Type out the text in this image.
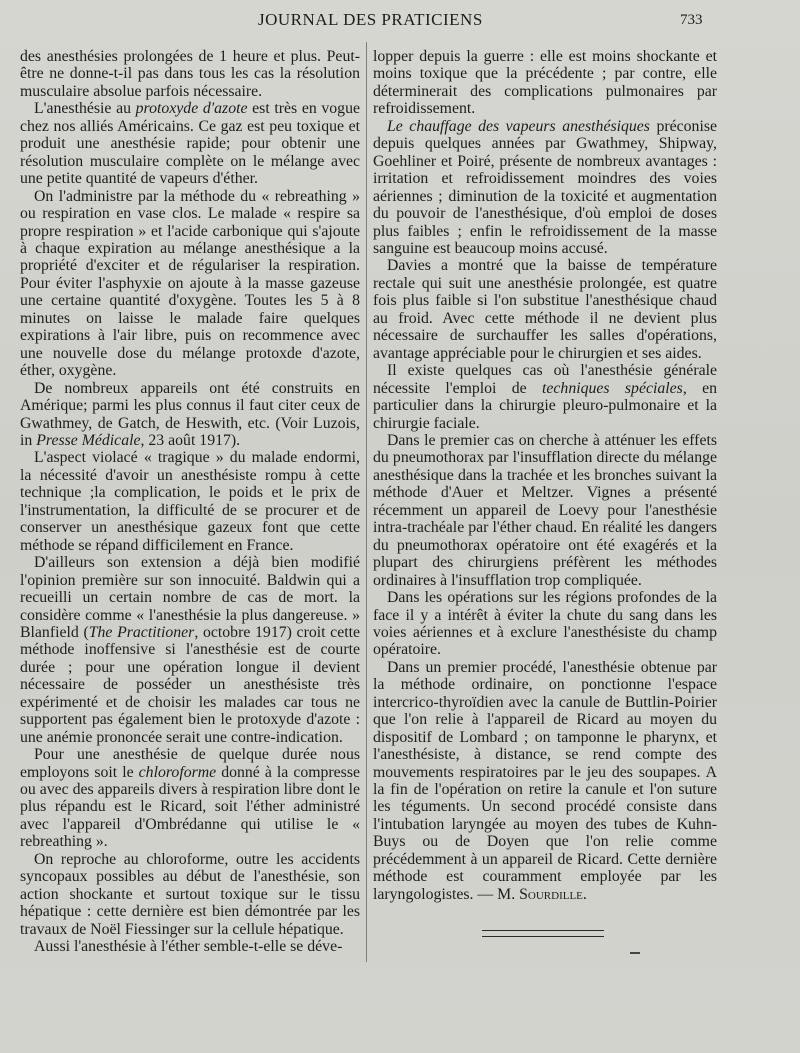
JOURNAL DES PRATICIENS	733

des anesthésies prolongées de 1 heure et plus. Peut-être ne donne-t-il pas dans tous les cas la résolution musculaire absolue parfois nécessaire.

L'anesthésie au protoxyde d'azote est très en vogue chez nos alliés Américains. Ce gaz est peu toxique et produit une anesthésie rapide; pour obtenir une résolution musculaire complète on le mélange avec une petite quantité de vapeurs d'éther.

On l'administre par la méthode du « rebreathing » ou respiration en vase clos. Le malade « respire sa propre respiration » et l'acide carbonique qui s'ajoute à chaque expiration au mélange anesthésique a la propriété d'exciter et de régulariser la respiration. Pour éviter l'asphyxie on ajoute à la masse gazeuse une certaine quantité d'oxygène. Toutes les 5 à 8 minutes on laisse le malade faire quelques expirations à l'air libre, puis on recommence avec une nouvelle dose du mélange protoxde d'azote, éther, oxygène.

De nombreux appareils ont été construits en Amérique; parmi les plus connus il faut citer ceux de Gwathmey, de Gatch, de Heswith, etc. (Voir Luzois, in Presse Médicale, 23 août 1917).

L'aspect violacé « tragique » du malade endormi, la nécessité d'avoir un anesthésiste rompu à cette technique ;la complication, le poids et le prix de l'instrumentation, la difficulté de se procurer et de conserver un anesthésique gazeux font que cette méthode se répand difficilement en France.

D'ailleurs son extension a déjà bien modifié l'opinion première sur son innocuité. Baldwin qui a recueilli un certain nombre de cas de mort. la considère comme « l'anesthésie la plus dangereuse. » Blanfield (The Practitioner, octobre 1917) croit cette méthode inoffensive si l'anesthésie est de courte durée ; pour une opération longue il devient nécessaire de posséder un anesthésiste très expérimenté et de choisir les malades car tous ne supportent pas également bien le protoxyde d'azote : une anémie prononcée serait une contre-indication.

Pour une anesthésie de quelque durée nous employons soit le chloroforme donné à la compresse ou avec des appareils divers à respiration libre dont le plus répandu est le Ricard, soit l'éther administré avec l'appareil d'Ombrédanne qui utilise le « rebreathing ».

On reproche au chloroforme, outre les accidents syncopaux possibles au début de l'anesthésie, son action shockante et surtout toxique sur le tissu hépatique : cette dernière est bien démontrée par les travaux de Noël Fiessinger sur la cellule hépatique.

Aussi l'anesthésie à l'éther semble-t-elle se déve-

lopper depuis la guerre : elle est moins shockante et moins toxique que la précédente ; par contre, elle déterminerait des complications pulmonaires par refroidissement.

Le chauffage des vapeurs anesthésiques préconise depuis quelques années par Gwathmey, Shipway, Goehliner et Poiré, présente de nombreux avantages : irritation et refroidissement moindres des voies aériennes ; diminution de la toxicité et augmentation du pouvoir de l'anesthésique, d'où emploi de doses plus faibles ; enfin le refroidissement de la masse sanguine est beaucoup moins accusé.

Davies a montré que la baisse de température rectale qui suit une anesthésie prolongée, est quatre fois plus faible si l'on substitue l'anesthésique chaud au froid. Avec cette méthode il ne devient plus nécessaire de surchauffer les salles d'opérations, avantage appréciable pour le chirurgien et ses aides.

Il existe quelques cas où l'anesthésie générale nécessite l'emploi de techniques spéciales, en particulier dans la chirurgie pleuro-pulmonaire et la chirurgie faciale.

Dans le premier cas on cherche à atténuer les effets du pneumothorax par l'insufflation directe du mélange anesthésique dans la trachée et les bronches suivant la méthode d'Auer et Meltzer. Vignes a présenté récemment un appareil de Loevy pour l'anesthésie intra-trachéale par l'éther chaud. En réalité les dangers du pneumothorax opératoire ont été exagérés et la plupart des chirurgiens préfèrent les méthodes ordinaires à l'insufflation trop compliquée.

Dans les opérations sur les régions profondes de la face il y a intérêt à éviter la chute du sang dans les voies aériennes et à exclure l'anesthésiste du champ opératoire.

Dans un premier procédé, l'anesthésie obtenue par la méthode ordinaire, on ponctionne l'espace intercrico-thyroïdien avec la canule de Buttlin-Poirier que l'on relie à l'appareil de Ricard au moyen du dispositif de Lombard ; on tamponne le pharynx, et l'anesthésiste, à distance, se rend compte des mouvements respiratoires par le jeu des soupapes. A la fin de l'opération on retire la canule et l'on suture les téguments. Un second procédé consiste dans l'intubation laryngée au moyen des tubes de Kuhn-Buys ou de Doyen que l'on relie comme précédemment à un appareil de Ricard. Cette dernière méthode est couramment employée par les laryngologistes. — M. Sourdille.
